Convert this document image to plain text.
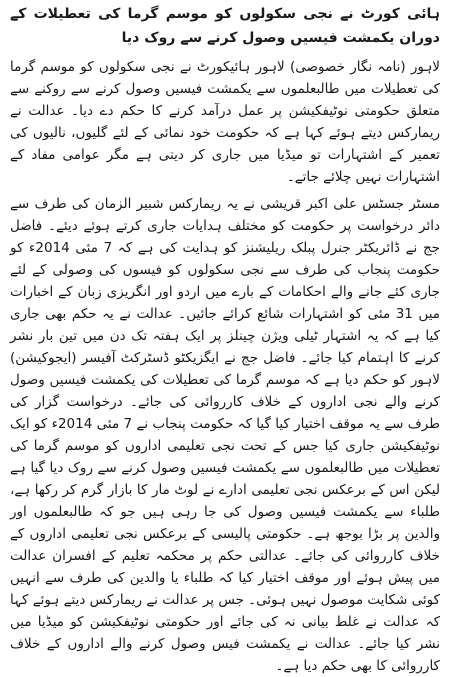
ہائی کورٹ نے نجی سکولوں کو موسم گرما کی تعطیلات کے دوران یکمشت فیسیں وصول کرنے سے روک دیا

لاہور (نامہ نگار خصوصی) لاہور ہائیکورٹ نے نجی سکولوں کو موسم گرما کی تعطیلات میں طالبعلموں سے یکمشت فیسیں وصول کرنے سے روکنے سے متعلق حکومتی نوٹیفکیشن پر عمل درآمد کرنے کا حکم دے دیا۔ عدالت نے ریمارکس دیتے ہوئے کہا ہے کہ حکومت خود نمائی کے لئے گلیوں، نالیوں کی تعمیر کے اشتہارات تو میڈیا میں جاری کر دیتی ہے مگر عوامی مفاد کے اشتہارات نہیں چلائے جاتے۔

مسٹر جسٹس علی اکبر قریشی نے یہ ریمارکس شبیر الزمان کی طرف سے دائر درخواست پر حکومت کو مختلف ہدایات جاری کرتے ہوئے دیئے۔ فاضل جج نے ڈائریکٹر جنرل پبلک ریلیشنز کو ہدایت کی ہے کہ 7 مئی 2014ء کو حکومت پنجاب کی طرف سے نجی سکولوں کو فیسوں کی وصولی کے لئے جاری کئے جانے والے احکامات کے بارے میں اردو اور انگریزی زبان کے اخبارات میں 31 مئی کو اشتہارات شائع کرائے جائیں۔ عدالت نے یہ حکم بھی جاری کیا ہے کہ یہ اشتہار ٹیلی ویژن چینلز پر ایک ہفتہ تک دن میں تین بار نشر کرنے کا اہتمام کیا جائے۔ فاضل جج نے ایگزیکٹو ڈسٹرکٹ آفیسر (ایجوکیشن) لاہور کو حکم دیا ہے کہ موسم گرما کی تعطیلات کی یکمشت فیسیں وصول کرنے والے نجی اداروں کے خلاف کارروائی کی جائے۔ درخواست گزار کی طرف سے یہ موقف اختیار کیا گیا کہ حکومت پنجاب نے 7 مئی 2014ء کو ایک نوٹیفکیشن جاری کیا جس کے تحت نجی تعلیمی اداروں کو موسم گرما کی تعطیلات میں طالبعلموں سے یکمشت فیسیں وصول کرنے سے روک دیا گیا ہے لیکن اس کے برعکس نجی تعلیمی ادارے نے لوٹ مار کا بازار گرم کر رکھا ہے، طلباء سے یکمشت فیسیں وصول کی جا رہی ہیں جو کہ طالبعلموں اور والدین پر بڑا بوجھ ہے۔ حکومتی پالیسی کے برعکس نجی تعلیمی اداروں کے خلاف کارروائی کی جائے۔ عدالتی حکم پر محکمہ تعلیم کے افسران عدالت میں پیش ہوئے اور موقف اختیار کیا کہ طلباء یا والدین کی طرف سے انہیں کوئی شکایت موصول نہیں ہوئی۔ جس پر عدالت نے ریمارکس دیتے ہوئے کہا کہ عدالت نے غلط بیانی نہ کی جائے اور حکومتی نوٹیفکیشن کو میڈیا میں نشر کیا جائے۔ عدالت نے یکمشت فیس وصول کرنے والے اداروں کے خلاف کارروائی کا بھی حکم دیا ہے۔
